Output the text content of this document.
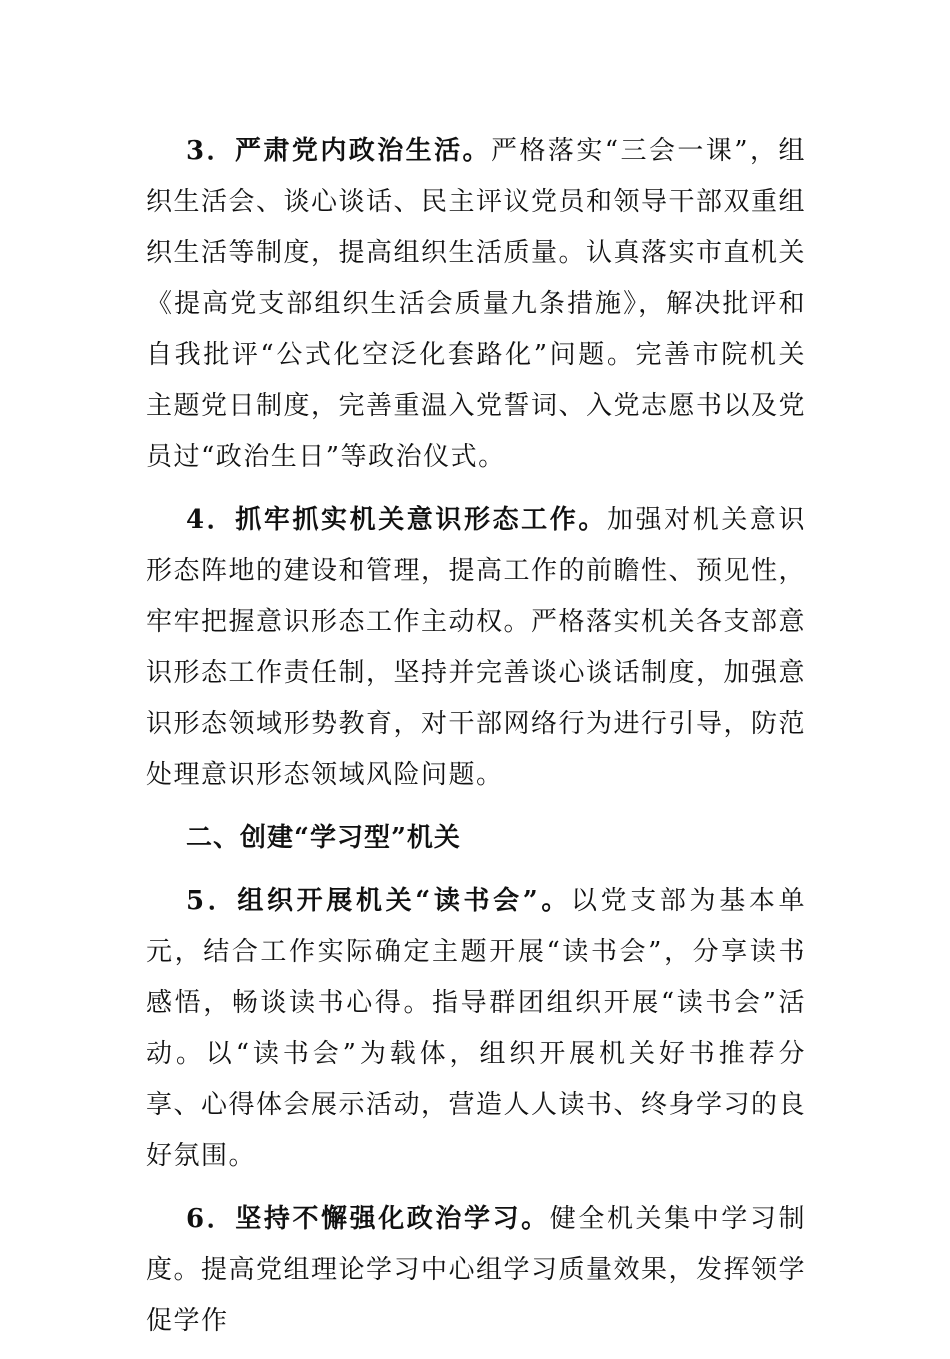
3．严肃党内政治生活。严格落实“三会一课”，组织生活会、谈心谈话、民主评议党员和领导干部双重组织生活等制度，提高组织生活质量。认真落实市直机关《提高党支部组织生活会质量九条措施》，解决批评和自我批评“公式化空泛化套路化”问题。完善市院机关主题党日制度，完善重温入党誓词、入党志愿书以及党员过“政治生日”等政治仪式。

4．抓牢抓实机关意识形态工作。加强对机关意识形态阵地的建设和管理，提高工作的前瞻性、预见性，牢牢把握意识形态工作主动权。严格落实机关各支部意识形态工作责任制，坚持并完善谈心谈话制度，加强意识形态领域形势教育，对干部网络行为进行引导，防范处理意识形态领域风险问题。

二、创建“学习型”机关

5．组织开展机关“读书会”。以党支部为基本单元，结合工作实际确定主题开展“读书会”，分享读书感悟，畅谈读书心得。指导群团组织开展“读书会”活动。以“读书会”为载体，组织开展机关好书推荐分享、心得体会展示活动，营造人人读书、终身学习的良好氛围。

6．坚持不懈强化政治学习。健全机关集中学习制度。提高党组理论学习中心组学习质量效果，发挥领学促学作
